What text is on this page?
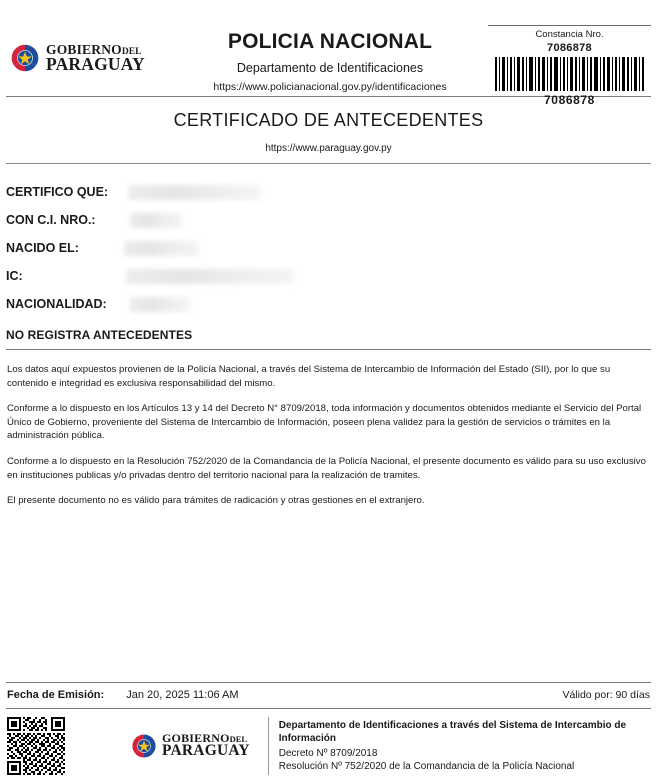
GOBIERNODEL
PARAGUAY
POLICIA NACIONAL
Departamento de Identificaciones
https://www.policianacional.gov.py/identificaciones
Constancia Nro.
7086878
7086878
CERTIFICADO DE ANTECEDENTES
https://www.paraguay.gov.py
CERTIFICO QUE:
CON C.I. NRO.:
NACIDO EL:
IC:
NACIONALIDAD:
NO REGISTRA ANTECEDENTES

Los datos aquí expuestos provienen de la Policía Nacional, a través del Sistema de Intercambio de Información del Estado (SII), por lo que su contenido e integridad es exclusiva responsabilidad del mismo.

Conforme a lo dispuesto en los Artículos 13 y 14 del Decreto N° 8709/2018, toda información y documentos obtenidos mediante el Servicio del Portal Único de Gobierno, proveniente del Sistema de Intercambio de Información, poseen plena validez para la gestión de servicios o trámites en la administración pública.

Conforme a lo dispuesto en la Resolución 752/2020 de la Comandancia de la Policía Nacional, el presente documento es válido para su uso exclusivo en instituciones publicas y/o privadas dentro del territorio nacional para la realización de tramites.

El presente documento no es válido para trámites de radicación y otras gestiones en el extranjero.

Fecha de Emisión: Jan 20, 2025 11:06 AM	Válido por: 90 días
GOBIERNODEL
PARAGUAY

Departamento de Identificaciones a través del Sistema de Intercambio de Información

Decreto Nº 8709/2018

Resolución Nº 752/2020 de la Comandancia de la Policía Nacional
